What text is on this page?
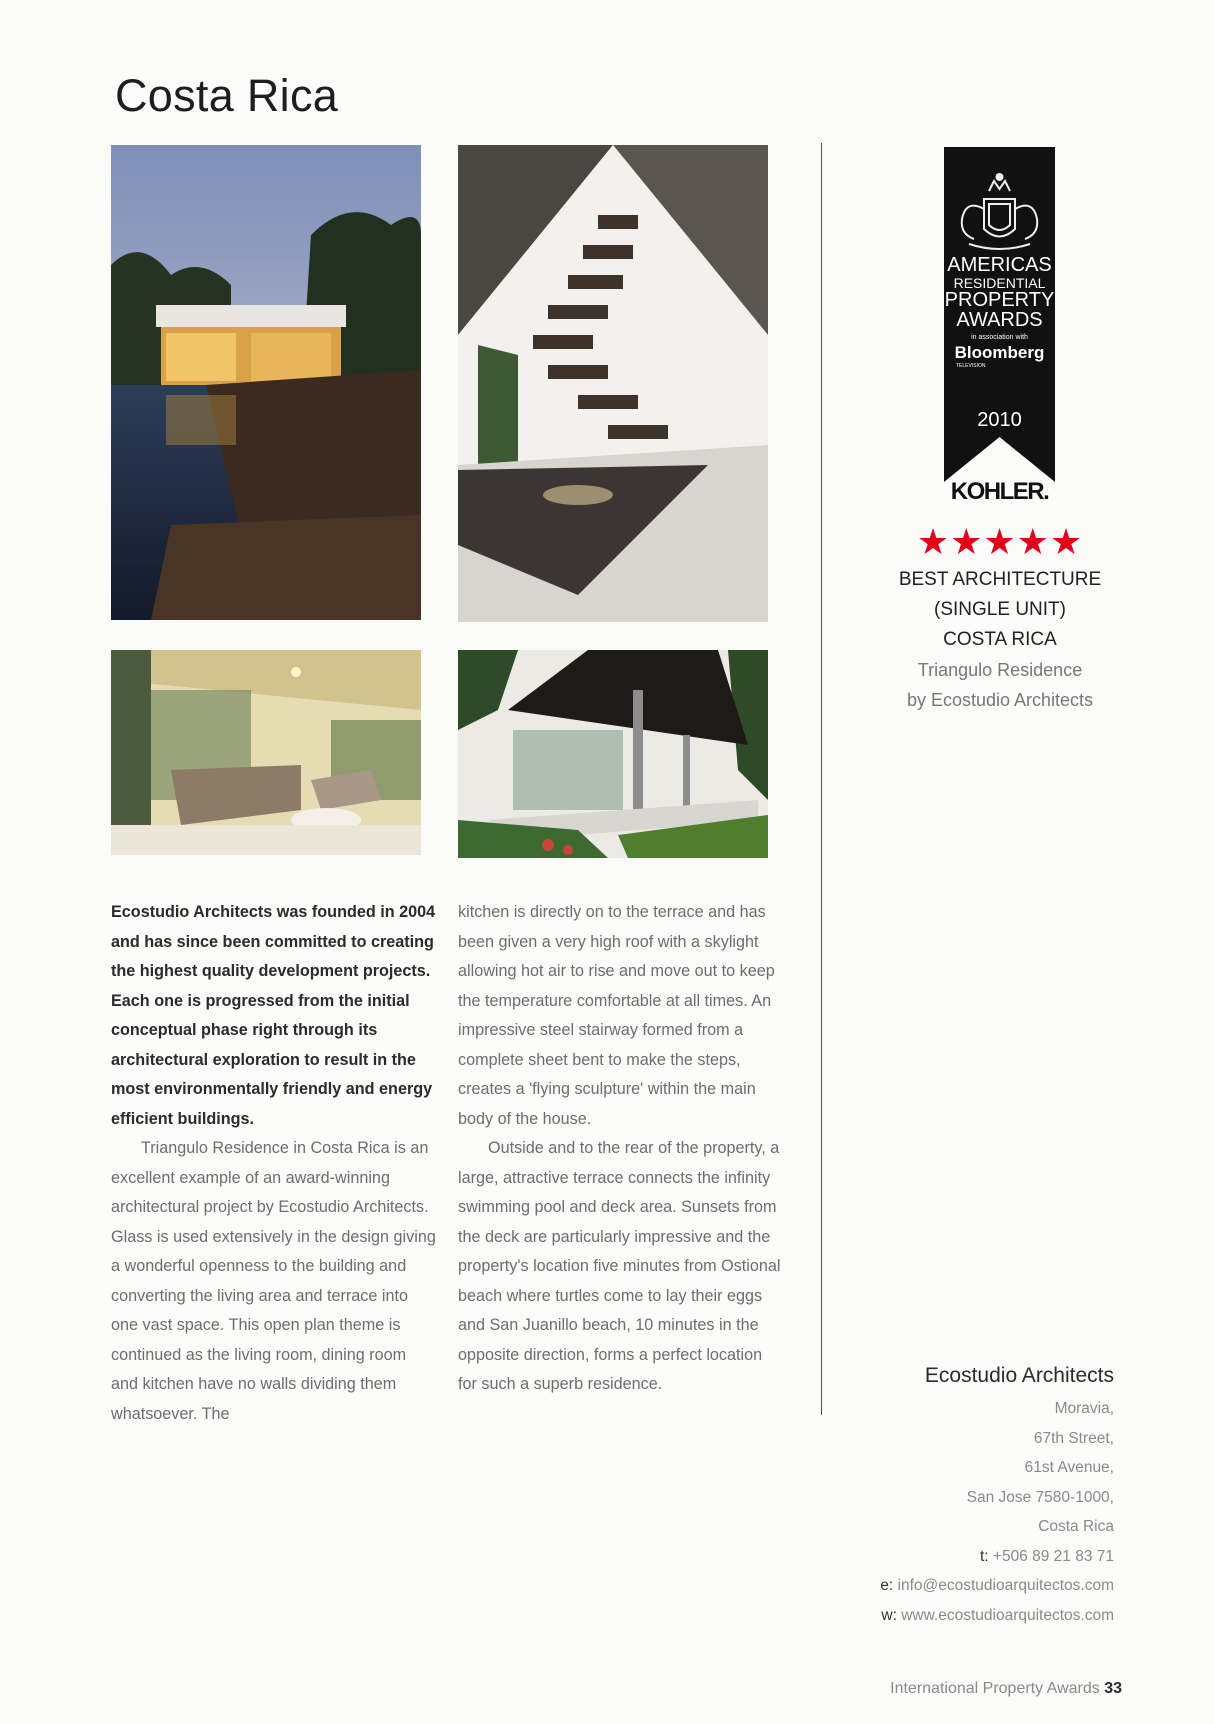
Costa Rica

Ecostudio Architects was founded in 2004 and has since been committed to creating the highest quality development projects. Each one is progressed from the initial conceptual phase right through its architectural exploration to result in the most environmentally friendly and energy efficient buildings.

Triangulo Residence in Costa Rica is an excellent example of an award-winning architectural project by Ecostudio Architects. Glass is used extensively in the design giving a wonderful openness to the building and converting the living area and terrace into one vast space. This open plan theme is continued as the living room, dining room and kitchen have no walls dividing them whatsoever. The

kitchen is directly on to the terrace and has been given a very high roof with a skylight allowing hot air to rise and move out to keep the temperature comfortable at all times. An impressive steel stairway formed from a complete sheet bent to make the steps, creates a 'flying sculpture' within the main body of the house.

Outside and to the rear of the property, a large, attractive terrace connects the infinity swimming pool and deck area. Sunsets from the deck are particularly impressive and the property's location five minutes from Ostional beach where turtles come to lay their eggs and San Juanillo beach, 10 minutes in the opposite direction, forms a perfect location for such a superb residence.

AMERICAS
RESIDENTIAL
PROPERTY
AWARDS
in association with
Bloomberg
TELEVISION
2010
KOHLER.
★★★★★
BEST ARCHITECTURE
(SINGLE UNIT)
COSTA RICA
Triangulo Residence
by Ecostudio Architects
Ecostudio Architects
Moravia,
67th Street,
61st Avenue,
San Jose 7580-1000,
Costa Rica
t: +506 89 21 83 71
e: info@ecostudioarquitectos.com
w: www.ecostudioarquitectos.com
International Property Awards 33
